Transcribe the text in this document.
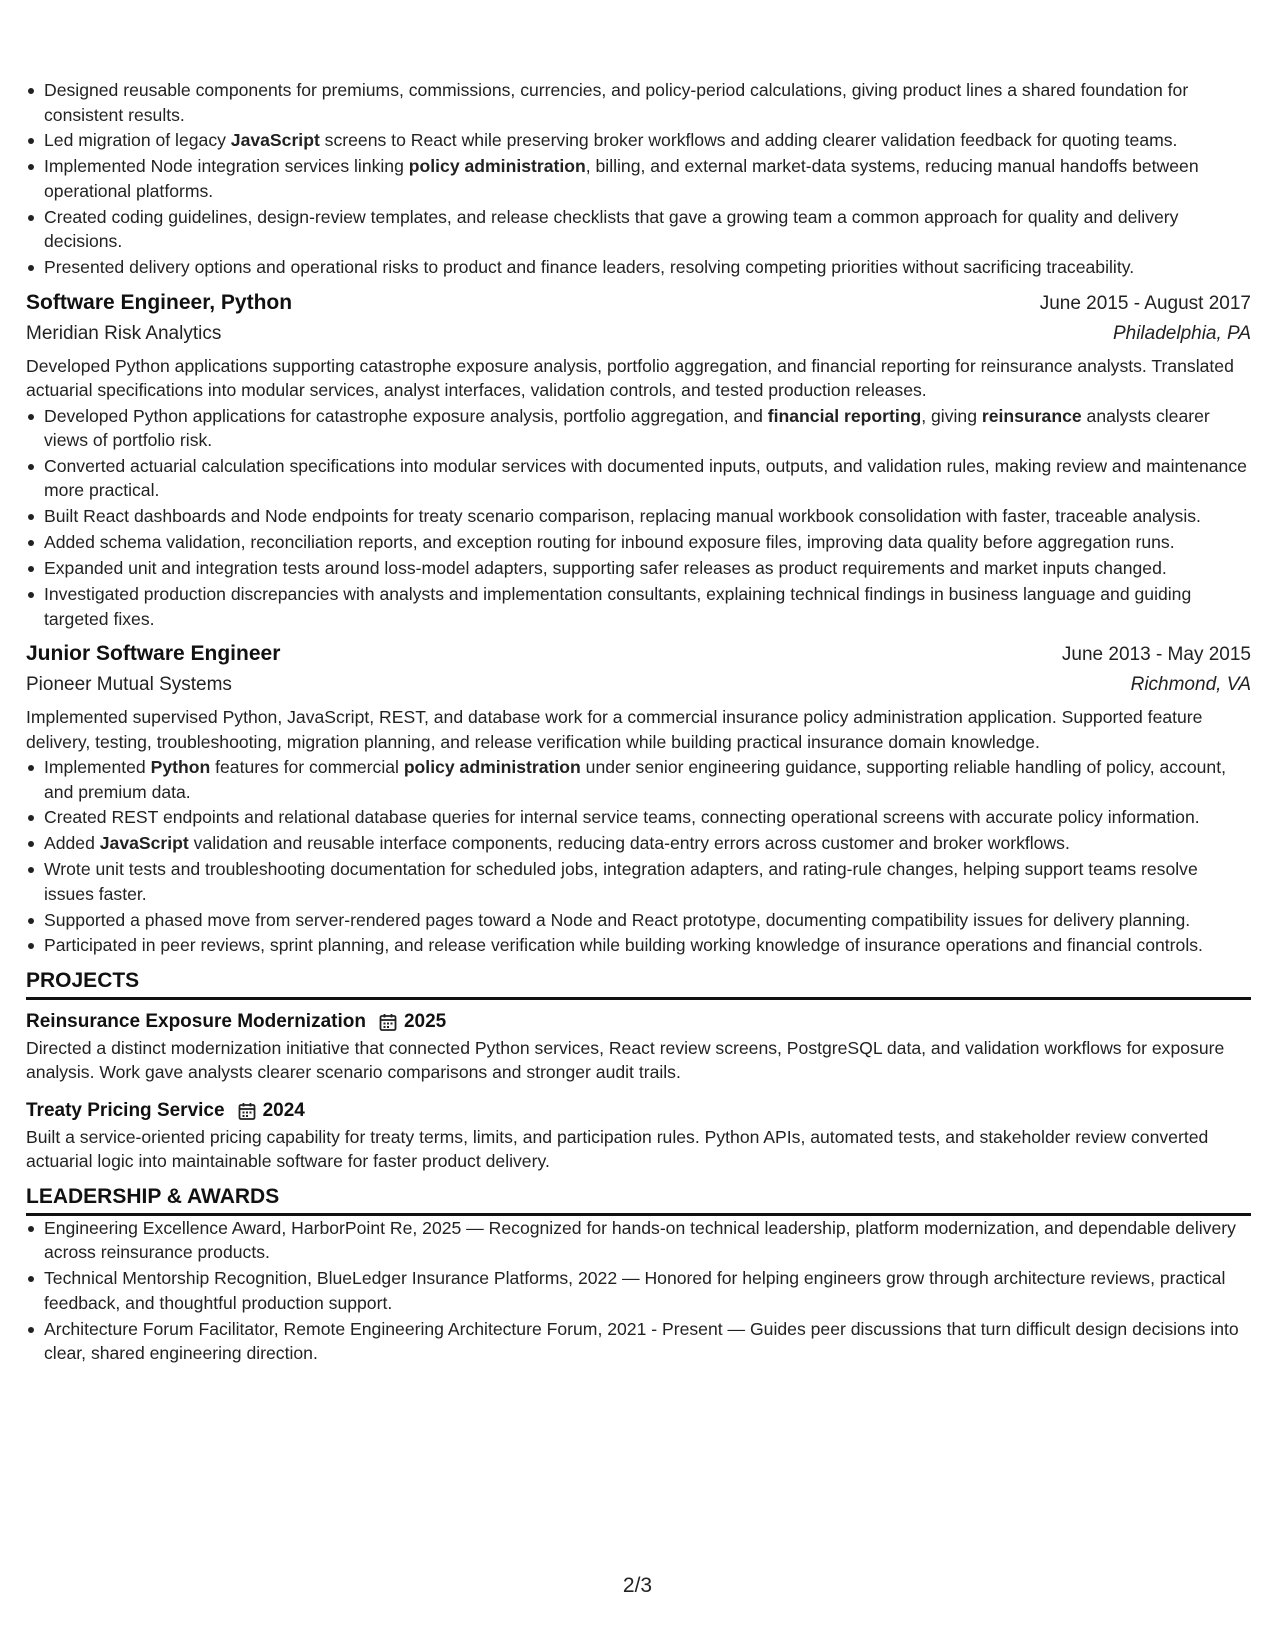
Designed reusable components for premiums, commissions, currencies, and policy-period calculations, giving product lines a shared foundation for consistent results.
Led migration of legacy JavaScript screens to React while preserving broker workflows and adding clearer validation feedback for quoting teams.
Implemented Node integration services linking policy administration, billing, and external market-data systems, reducing manual handoffs between operational platforms.
Created coding guidelines, design-review templates, and release checklists that gave a growing team a common approach for quality and delivery decisions.
Presented delivery options and operational risks to product and finance leaders, resolving competing priorities without sacrificing traceability.
Software Engineer, Python	June 2015 - August 2017
Meridian Risk Analytics	Philadelphia, PA
Developed Python applications supporting catastrophe exposure analysis, portfolio aggregation, and financial reporting for reinsurance analysts. Translated actuarial specifications into modular services, analyst interfaces, validation controls, and tested production releases.
Developed Python applications for catastrophe exposure analysis, portfolio aggregation, and financial reporting, giving reinsurance analysts clearer views of portfolio risk.
Converted actuarial calculation specifications into modular services with documented inputs, outputs, and validation rules, making review and maintenance more practical.
Built React dashboards and Node endpoints for treaty scenario comparison, replacing manual workbook consolidation with faster, traceable analysis.
Added schema validation, reconciliation reports, and exception routing for inbound exposure files, improving data quality before aggregation runs.
Expanded unit and integration tests around loss-model adapters, supporting safer releases as product requirements and market inputs changed.
Investigated production discrepancies with analysts and implementation consultants, explaining technical findings in business language and guiding targeted fixes.
Junior Software Engineer	June 2013 - May 2015
Pioneer Mutual Systems	Richmond, VA
Implemented supervised Python, JavaScript, REST, and database work for a commercial insurance policy administration application. Supported feature delivery, testing, troubleshooting, migration planning, and release verification while building practical insurance domain knowledge.
Implemented Python features for commercial policy administration under senior engineering guidance, supporting reliable handling of policy, account, and premium data.
Created REST endpoints and relational database queries for internal service teams, connecting operational screens with accurate policy information.
Added JavaScript validation and reusable interface components, reducing data-entry errors across customer and broker workflows.
Wrote unit tests and troubleshooting documentation for scheduled jobs, integration adapters, and rating-rule changes, helping support teams resolve issues faster.
Supported a phased move from server-rendered pages toward a Node and React prototype, documenting compatibility issues for delivery planning.
Participated in peer reviews, sprint planning, and release verification while building working knowledge of insurance operations and financial controls.
PROJECTS
Reinsurance Exposure Modernization 2025
Directed a distinct modernization initiative that connected Python services, React review screens, PostgreSQL data, and validation workflows for exposure analysis. Work gave analysts clearer scenario comparisons and stronger audit trails.
Treaty Pricing Service 2024
Built a service-oriented pricing capability for treaty terms, limits, and participation rules. Python APIs, automated tests, and stakeholder review converted actuarial logic into maintainable software for faster product delivery.
LEADERSHIP & AWARDS
Engineering Excellence Award, HarborPoint Re, 2025 — Recognized for hands-on technical leadership, platform modernization, and dependable delivery across reinsurance products.
Technical Mentorship Recognition, BlueLedger Insurance Platforms, 2022 — Honored for helping engineers grow through architecture reviews, practical feedback, and thoughtful production support.
Architecture Forum Facilitator, Remote Engineering Architecture Forum, 2021 - Present — Guides peer discussions that turn difficult design decisions into clear, shared engineering direction.
2/3
